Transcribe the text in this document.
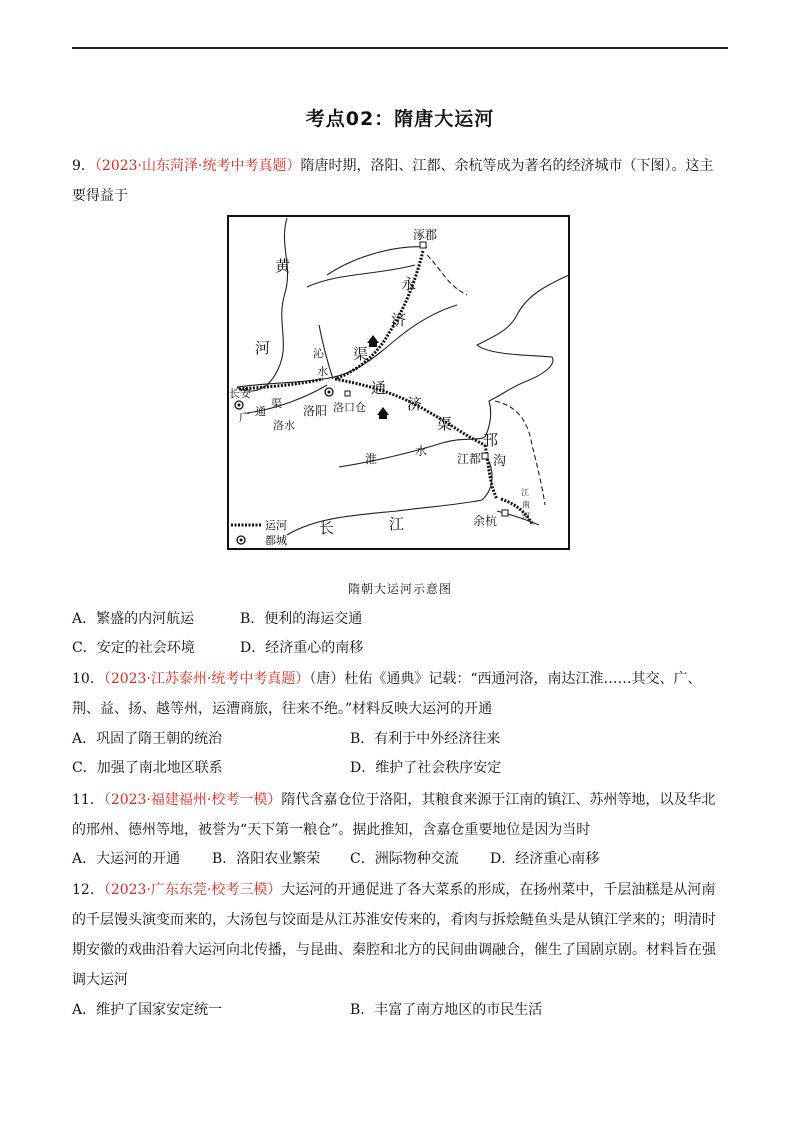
考点02：隋唐大运河
9．（2023·山东菏泽·统考中考真题）隋唐时期，洛阳、江都、余杭等成为著名的经济城市（下图）。这主
要得益于
涿郡
黄
河
永
济
渠
沁
水
长安
广 通
渠
洛水
洛阳 洛口仓
通
济
渠
淮
水
邗
沟
江都
江
南
河
余杭
长	江
运河
都城
隋朝大运河示意图
A．繁盛的内河航运	B．便利的海运交通
C．安定的社会环境	D．经济重心的南移
10．（2023·江苏泰州·统考中考真题）（唐）杜佑《通典》记载：“西通河洛，南达江淮……其交、广、
荆、益、扬、越等州，运漕商旅，往来不绝。”材料反映大运河的开通
A．巩固了隋王朝的统治	B．有利于中外经济往来
C．加强了南北地区联系	D．维护了社会秩序安定
11．（2023·福建福州·校考一模）隋代含嘉仓位于洛阳，其粮食来源于江南的镇江、苏州等地，以及华北
的邢州、德州等地，被誉为“天下第一粮仓”。据此推知，含嘉仓重要地位是因为当时
A．大运河的开通 B．洛阳农业繁荣 C．洲际物种交流 D．经济重心南移
12．（2023·广东东莞·校考三模）大运河的开通促进了各大菜系的形成，在扬州菜中，千层油糕是从河南
的千层馒头演变而来的，大汤包与饺面是从江苏淮安传来的，肴肉与拆烩鲢鱼头是从镇江学来的；明清时
期安徽的戏曲沿着大运河向北传播，与昆曲、秦腔和北方的民间曲调融合，催生了国剧京剧。材料旨在强
调大运河
A．维护了国家安定统一	B．丰富了南方地区的市民生活
